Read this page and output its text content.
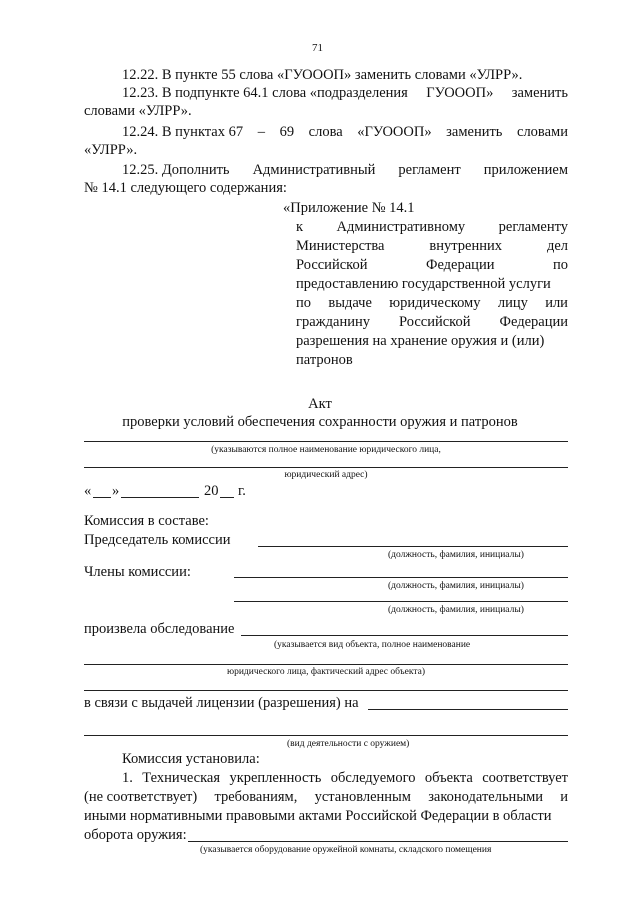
71
12.22. В пункте 55 слова «ГУОООП» заменить словами «УЛРР».
12.23. В подпункте 64.1 слова «подразделения ГУОООП» заменить
словами «УЛРР».
12.24. В пунктах 67 – 69 слова «ГУОООП» заменить словами
«УЛРР».
12.25. Дополнить Административный регламент приложением
№ 14.1 следующего содержания:
«Приложение № 14.1
к Административному регламенту
Министерства	внутренних	дел
Российской	Федерации	по
предоставлению государственной услуги
по выдаче юридическому лицу или
гражданину Российской Федерации
разрешения на хранение оружия и (или)
патронов
Акт
проверки условий обеспечения сохранности оружия и патронов
(указываются полное наименование юридического лица,
юридический адрес)
« »	20 г.
Комиссия в составе:
Председатель комиссии
(должность, фамилия, инициалы)
Члены комиссии:
(должность, фамилия, инициалы)
(должность, фамилия, инициалы)
произвела обследование
(указывается вид объекта, полное наименование
юридического лица, фактический адрес объекта)
в связи с выдачей лицензии (разрешения) на
(вид деятельности с оружием)
Комиссия установила:
1. Техническая укрепленность обследуемого объекта соответствует
(не соответствует) требованиям, установленным законодательными и
иными нормативными правовыми актами Российской Федерации в области
оборота оружия:
(указывается оборудование оружейной комнаты, складского помещения
